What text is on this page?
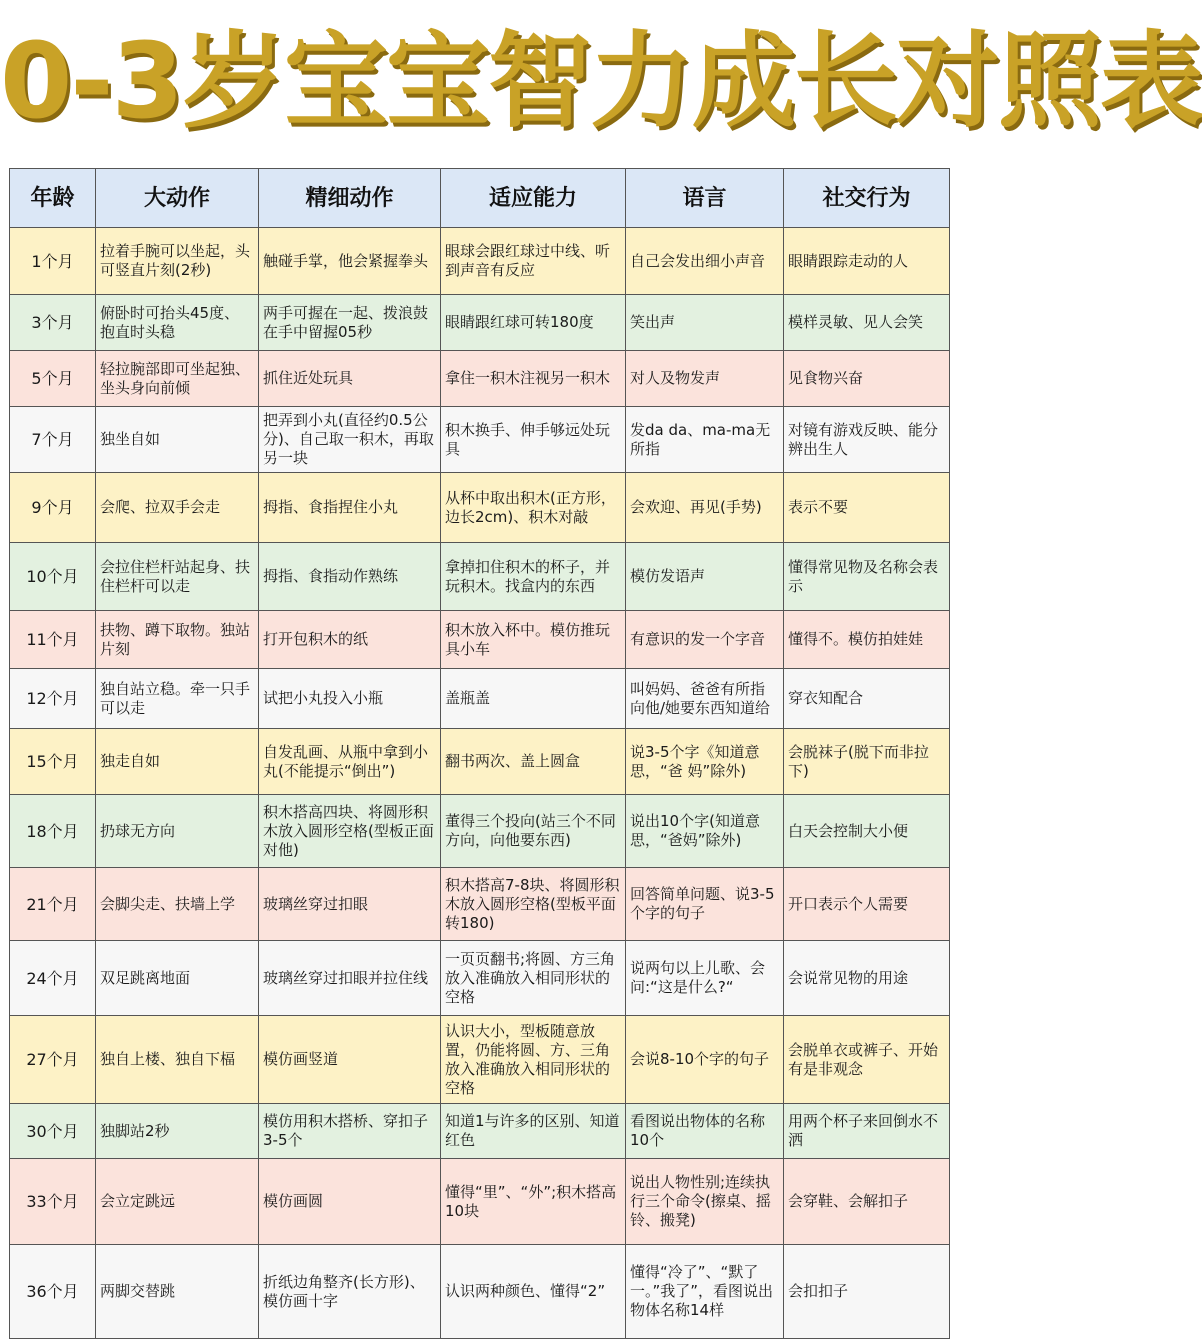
0-3岁宝宝智力成长对照表
年龄	大动作	精细动作	适应能力	语言	社交行为
1个月	拉着手腕可以坐起，头可竖直片刻(2秒)	触碰手掌，他会紧握拳头	眼球会跟红球过中线、听到声音有反应	自己会发出细小声音	眼睛跟踪走动的人
3个月	俯卧时可抬头45度、抱直时头稳	两手可握在一起、拨浪鼓在手中留握05秒	眼睛跟红球可转180度	笑出声	模样灵敏、见人会笑
5个月	轻拉腕部即可坐起独、坐头身向前倾	抓住近处玩具	拿住一积木注视另一积木	对人及物发声	见食物兴奋
7个月	独坐自如	把弄到小丸(直径约0.5公分)、自己取一积木，再取另一块	积木换手、伸手够远处玩具	发da da、ma-ma无所指	对镜有游戏反映、能分辨出生人
9个月	会爬、拉双手会走	拇指、食指捏住小丸	从杯中取出积木(正方形，边长2cm)、积木对敲	会欢迎、再见(手势)	表示不要
10个月	会拉住栏杆站起身、扶住栏杆可以走	拇指、食指动作熟练	拿掉扣住积木的杯子，并玩积木。找盒内的东西	模仿发语声	懂得常见物及名称会表示
11个月	扶物、蹲下取物。独站片刻	打开包积木的纸	积木放入杯中。模仿推玩具小车	有意识的发一个字音	懂得不。模仿拍娃娃
12个月	独自站立稳。牵一只手可以走	试把小丸投入小瓶	盖瓶盖	叫妈妈、爸爸有所指向他/她要东西知道给	穿衣知配合
15个月	独走自如	自发乱画、从瓶中拿到小丸(不能提示“倒出”)	翻书两次、盖上圆盒	说3-5个字《知道意思，“爸 妈”除外)	会脱袜子(脱下而非拉下)
18个月	扔球无方向	积木搭高四块、将圆形积木放入圆形空格(型板正面对他)	董得三个投向(站三个不同方向，向他要东西)	说出10个字(知道意思，“爸妈”除外)	白天会控制大小便
21个月	会脚尖走、扶墙上学	玻璃丝穿过扣眼	积木搭高7-8块、将圆形积木放入圆形空格(型板平面转180)	回答简单问题、说3-5个字的句子	开口表示个人需要
24个月	双足跳离地面	玻璃丝穿过扣眼并拉住线	一页页翻书;将圆、方三角放入准确放入相同形状的空格	说两句以上儿歌、会问:“这是什么?“	会说常见物的用途
27个月	独自上楼、独自下楅	模仿画竖道	认识大小，型板随意放置，仍能将圆、方、三角放入准确放入相同形状的空格	会说8-10个字的句子	会脱单衣或裤子、开始有是非观念
30个月	独脚站2秒	模仿用积木搭桥、穿扣子3-5个	知道1与许多的区别、知道红色	看图说出物体的名称10个	用两个杯子来回倒水不洒
33个月	会立定跳远	模仿画圆	懂得“里”、“外”;积木搭高10块	说出人物性别;连续执行三个命令(擦桌、摇铃、搬凳)	会穿鞋、会解扣子
36个月	两脚交替跳	折纸边角整齐(长方形)、模仿画十字	认识两种颜色、懂得“2”	懂得“冷了”、“默了一。”我了”，看图说出物体名称14样	会扣扣子
